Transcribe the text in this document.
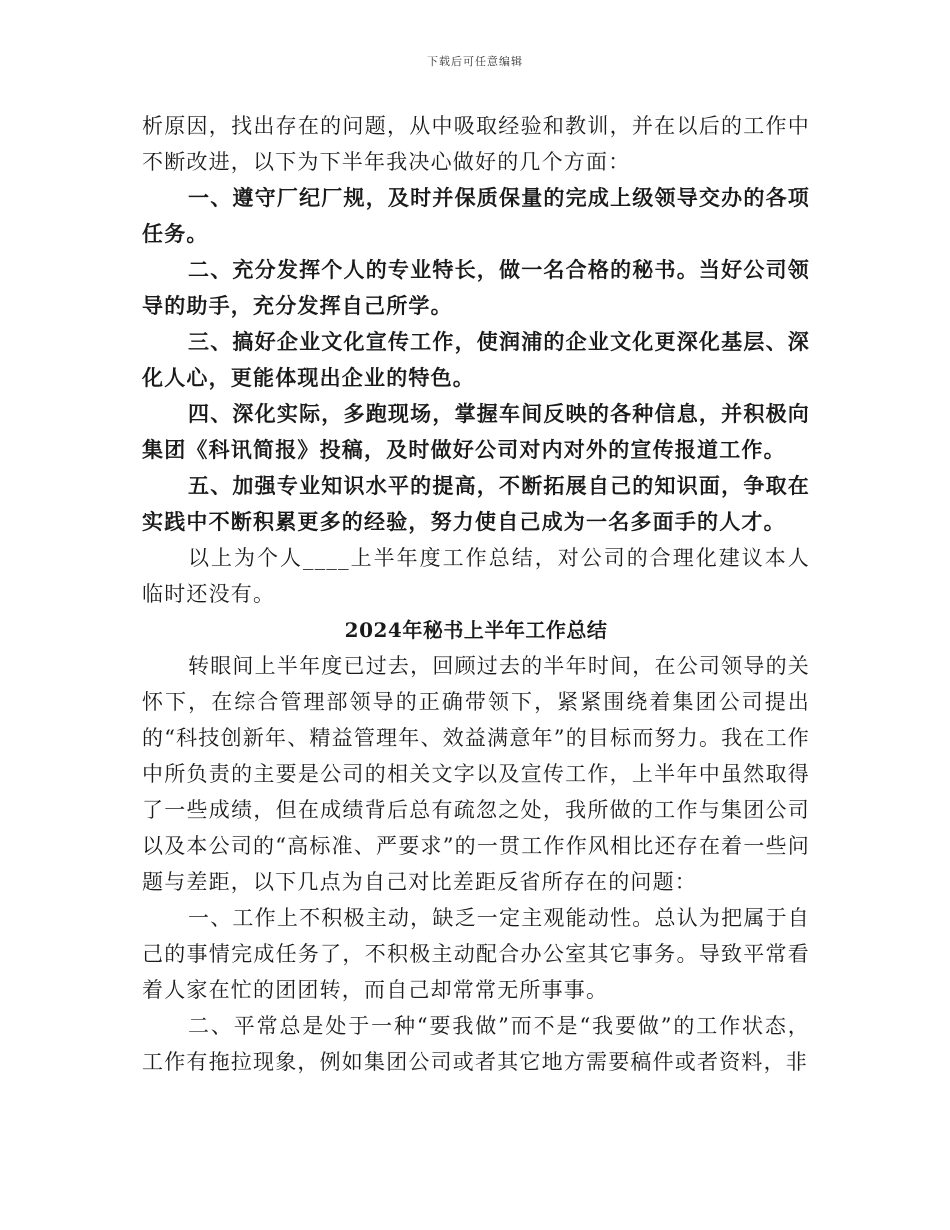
下载后可任意编辑

析原因，找出存在的问题，从中吸取经验和教训，并在以后的工作中不断改进，以下为下半年我决心做好的几个方面：

一、遵守厂纪厂规，及时并保质保量的完成上级领导交办的各项任务。

二、充分发挥个人的专业特长，做一名合格的秘书。当好公司领导的助手，充分发挥自己所学。

三、搞好企业文化宣传工作，使润浦的企业文化更深化基层、深化人心，更能体现出企业的特色。

四、深化实际，多跑现场，掌握车间反映的各种信息，并积极向集团《科讯简报》投稿，及时做好公司对内对外的宣传报道工作。

五、加强专业知识水平的提高，不断拓展自己的知识面，争取在实践中不断积累更多的经验，努力使自己成为一名多面手的人才。

以上为个人____上半年度工作总结，对公司的合理化建议本人临时还没有。

2024年秘书上半年工作总结

转眼间上半年度已过去，回顾过去的半年时间，在公司领导的关怀下，在综合管理部领导的正确带领下，紧紧围绕着集团公司提出的“科技创新年、精益管理年、效益满意年”的目标而努力。我在工作中所负责的主要是公司的相关文字以及宣传工作，上半年中虽然取得了一些成绩，但在成绩背后总有疏忽之处，我所做的工作与集团公司以及本公司的“高标准、严要求”的一贯工作作风相比还存在着一些问题与差距，以下几点为自己对比差距反省所存在的问题：

一、工作上不积极主动，缺乏一定主观能动性。总认为把属于自己的事情完成任务了，不积极主动配合办公室其它事务。导致平常看着人家在忙的团团转，而自己却常常无所事事。

二、平常总是处于一种“要我做”而不是“我要做”的工作状态，工作有拖拉现象，例如集团公司或者其它地方需要稿件或者资料，非
